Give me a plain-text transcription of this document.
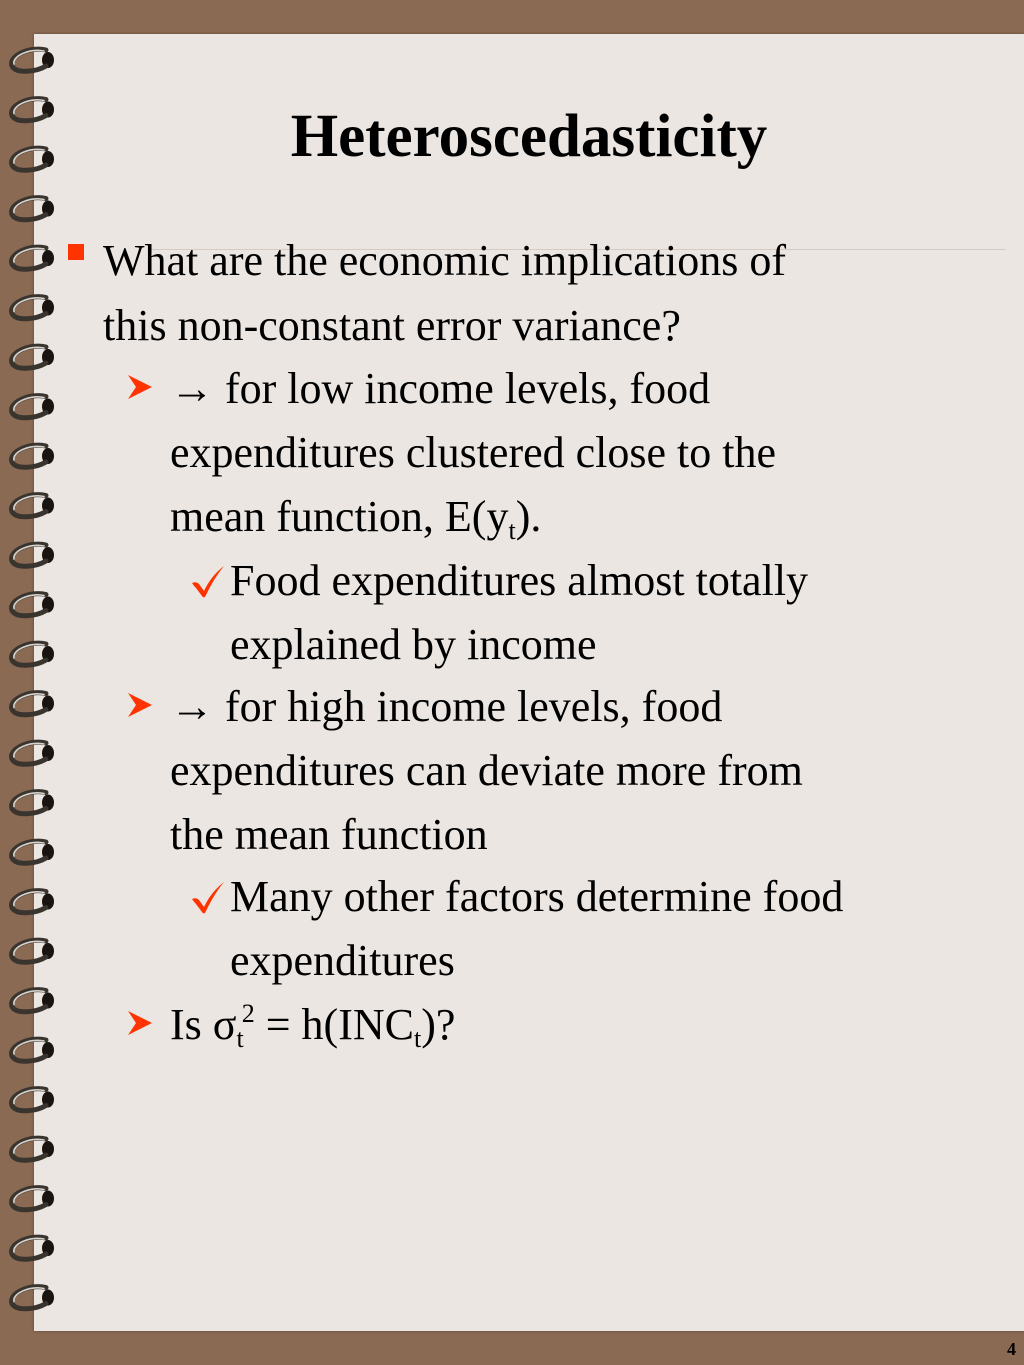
Heteroscedasticity
What are the economic implications of
this non-constant error variance?
→ for low income levels, food
expenditures clustered close to the
mean function, $E(y_t)$.
Food expenditures almost totally
explained by income
→ for high income levels, food
expenditures can deviate more from
the mean function
Many other factors determine food
expenditures
Is $\sigma_t^2 = h(INC_t)$?
4
